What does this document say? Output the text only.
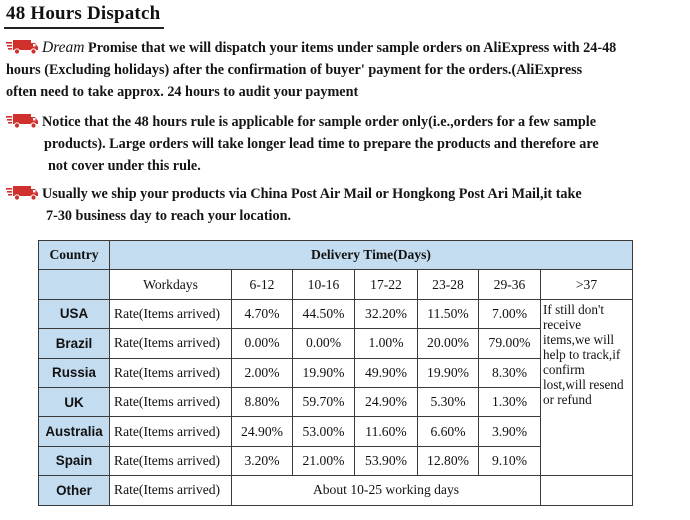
48 Hours Dispatch
Dream Promise that we will dispatch your items under sample orders on AliExpress with 24-48
hours (Excluding holidays) after the confirmation of buyer' payment for the orders.(AliExpress
often need to take approx. 24 hours to audit your payment
Notice that the 48 hours rule is applicable for sample order only(i.e.,orders for a few sample

products). Large orders will take longer lead time to prepare the products and therefore are
not cover under this rule.
Usually we ship your products via China Post Air Mail or Hongkong Post Ari Mail,it take

7-30 business day to reach your location.
Country	Delivery Time(Days)						
	Workdays	6-12	10-16	17-22	23-28	29-36	>37
USA	Rate(Items arrived)	4.70%	44.50%	32.20%	11.50%	7.00%	If still don't receive items,we will help to track,if confirm lost,will resend or refund
Brazil	Rate(Items arrived)	0.00%	0.00%	1.00%	20.00%	79.00%	
Russia	Rate(Items arrived)	2.00%	19.90%	49.90%	19.90%	8.30%	
UK	Rate(Items arrived)	8.80%	59.70%	24.90%	5.30%	1.30%	
Australia	Rate(Items arrived)	24.90%	53.00%	11.60%	6.60%	3.90%	
Spain	Rate(Items arrived)	3.20%	21.00%	53.90%	12.80%	9.10%	
Other	Rate(Items arrived)	About 10-25 working days					
